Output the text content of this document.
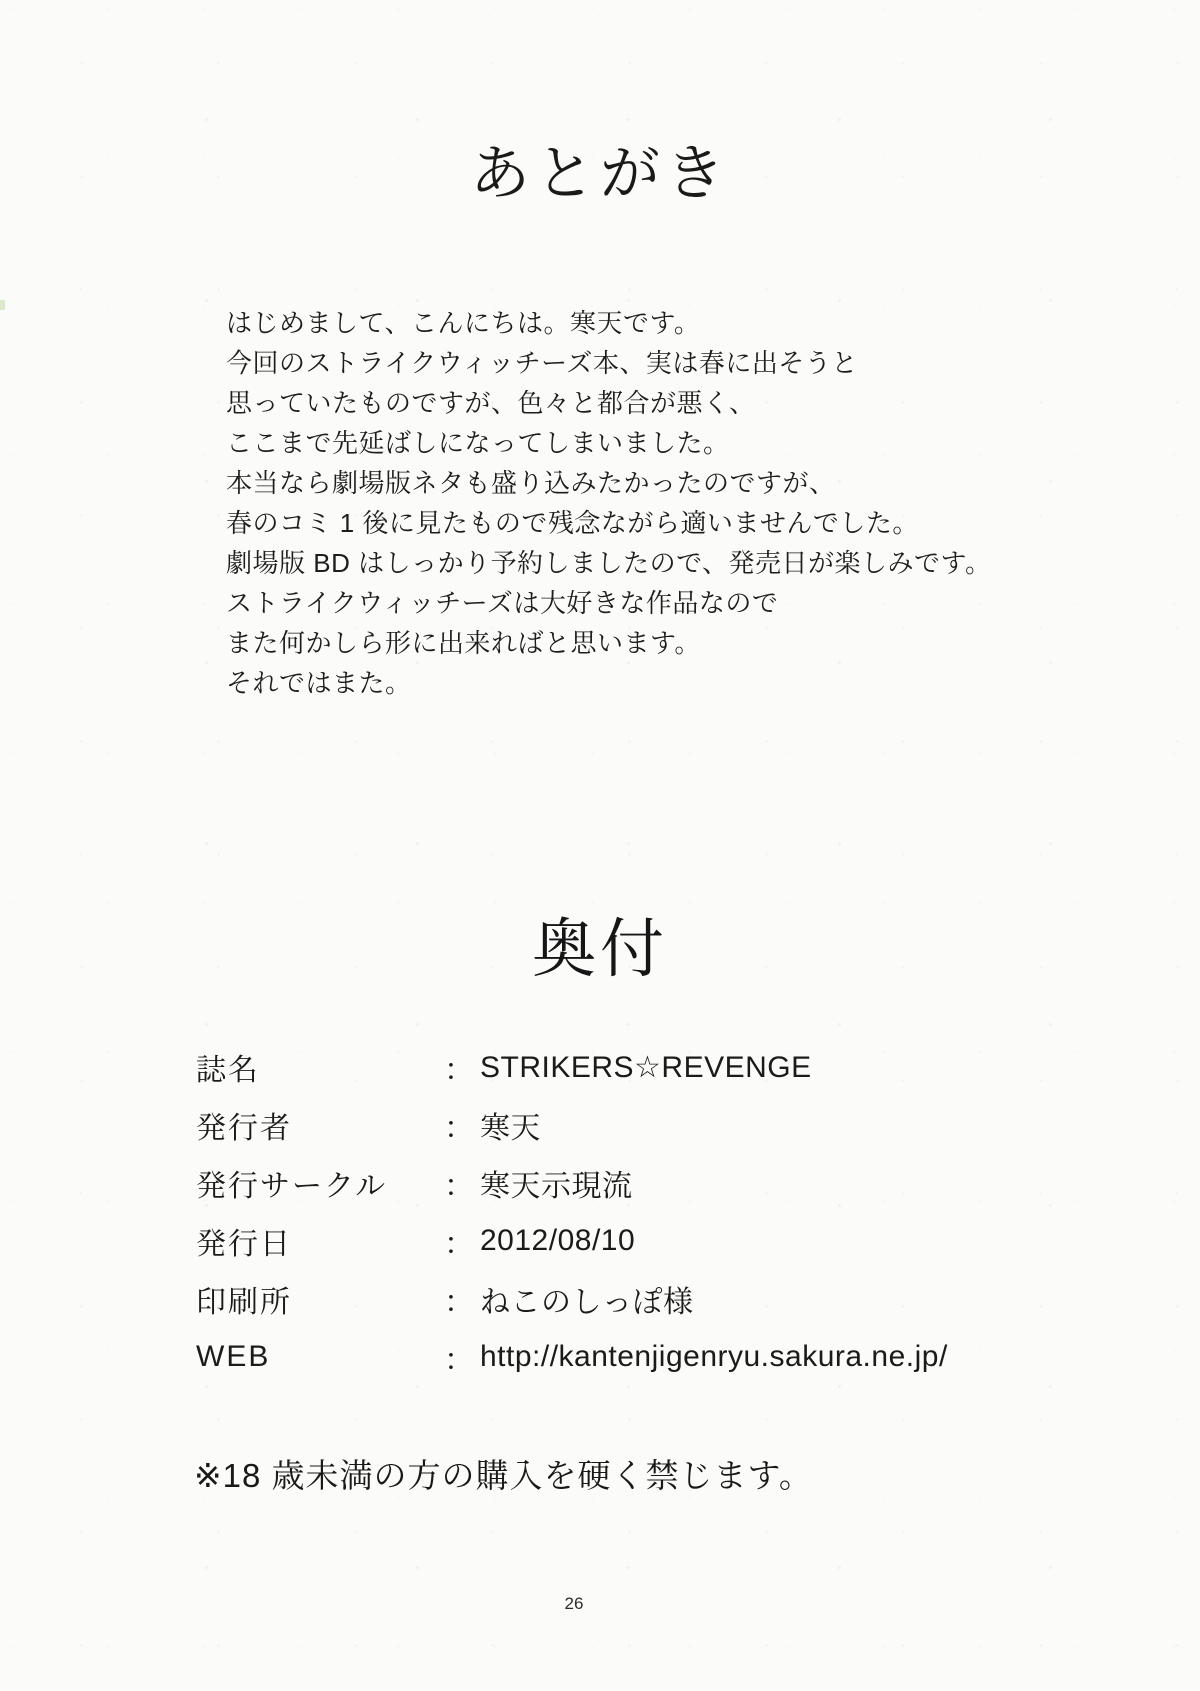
あとがき

はじめまして、こんにちは。寒天です。

今回のストライクウィッチーズ本、実は春に出そうと

思っていたものですが、色々と都合が悪く、

ここまで先延ばしになってしまいました。

本当なら劇場版ネタも盛り込みたかったのですが、

春のコミ 1 後に見たもので残念ながら適いませんでした。

劇場版 BD はしっかり予約しましたので、発売日が楽しみです。

ストライクウィッチーズは大好きな作品なので

また何かしら形に出来ればと思います。

それではまた。

奥付
誌名	： STRIKERS☆REVENGE
発行者	： 寒天
発行サークル	： 寒天示現流
発行日	： 2012/08/10
印刷所	： ねこのしっぽ様
WEB	： http://kantenjigenryu.sakura.ne.jp/

※18 歳未満の方の購入を硬く禁じます。

26
